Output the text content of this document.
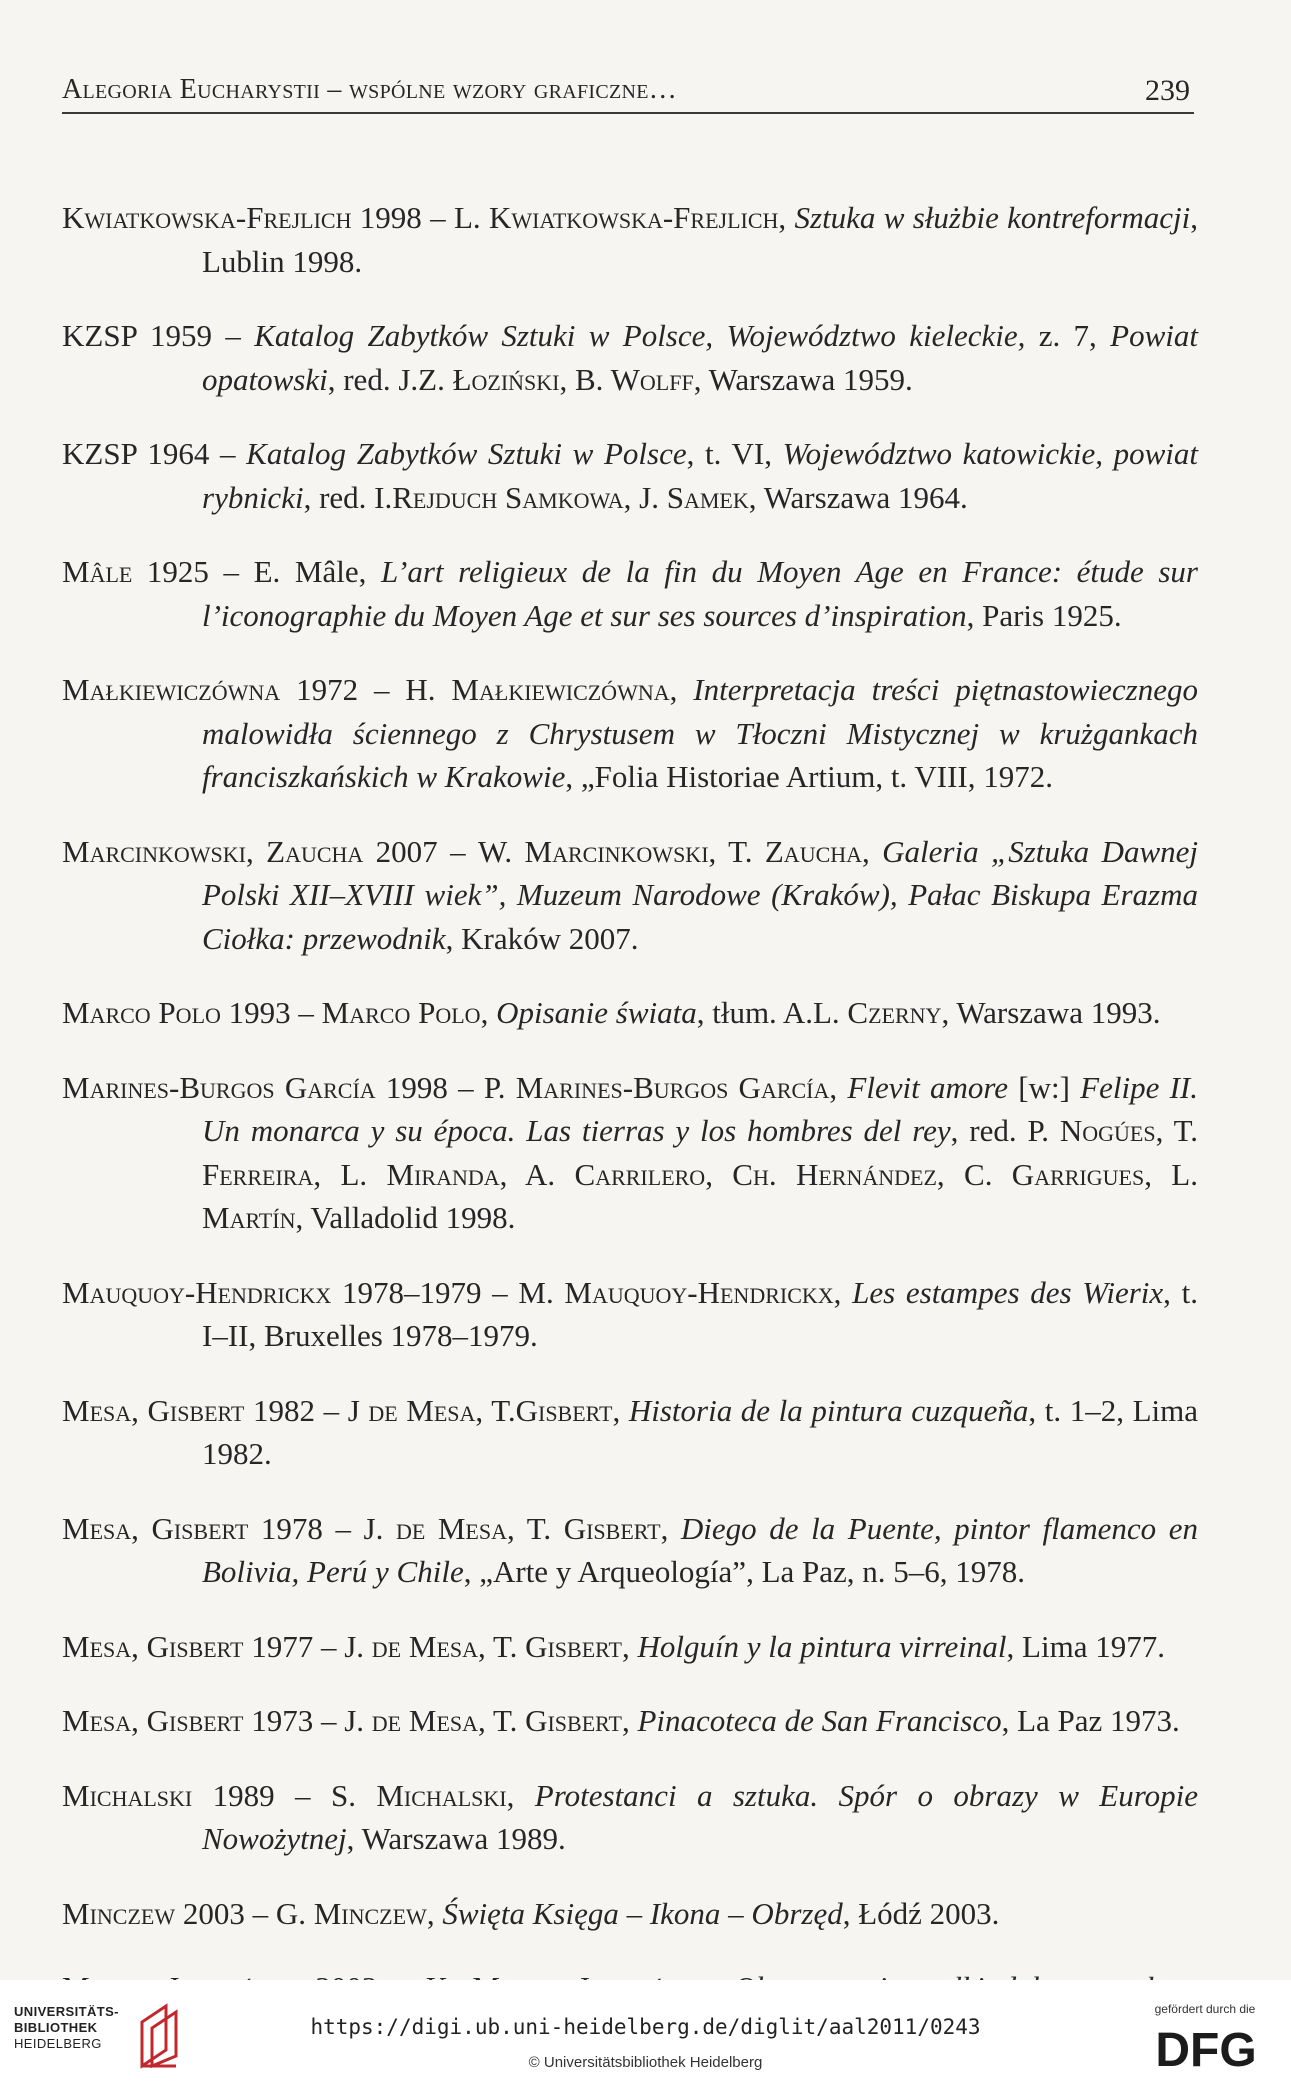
Alegoria Eucharystii – wspólne wzory graficzne…	239

Kwiatkowska-Frejlich 1998 – L. Kwiatkowska-Frejlich, Sztuka w służbie kontreformacji, Lublin 1998.

KZSP 1959 – Katalog Zabytków Sztuki w Polsce, Województwo kieleckie, z. 7, Powiat opatowski, red. J.Z. Łoziński, B. Wolff, Warszawa 1959.

KZSP 1964 – Katalog Zabytków Sztuki w Polsce, t. VI, Województwo katowickie, powiat rybnicki, red. I.Rejduch Samkowa, J. Samek, Warszawa 1964.

Mâle 1925 – E. Mâle, L’art religieux de la fin du Moyen Age en France: étude sur l’iconographie du Moyen Age et sur ses sources d’inspiration, Paris 1925.

Małkiewiczówna 1972 – H. Małkiewiczówna, Interpretacja treści piętnastowiecznego malowidła ściennego z Chrystusem w Tłoczni Mistycznej w krużgankach franciszkańskich w Krakowie, „Folia Historiae Artium, t. VIII, 1972.

Marcinkowski, Zaucha 2007 – W. Marcinkowski, T. Zaucha, Galeria „Sztuka Dawnej Polski XII–XVIII wiek”, Muzeum Narodowe (Kraków), Pałac Biskupa Erazma Ciołka: przewodnik, Kraków 2007.

Marco Polo 1993 – Marco Polo, Opisanie świata, tłum. A.L. Czerny, Warszawa 1993.

Marines-Burgos García 1998 – P. Marines-Burgos García, Flevit amore [w:] Felipe II. Un monarca y su época. Las tierras y los hombres del rey, red. P. Nogúes, T. Ferreira, L. Miranda, A. Carrilero, Ch. Hernández, C. Garrigues, L. Martín, Valladolid 1998.

Mauquoy-Hendrickx 1978–1979 – M. Mauquoy-Hendrickx, Les estampes des Wierix, t. I–II, Bruxelles 1978–1979.

Mesa, Gisbert 1982 – J de Mesa, T.Gisbert, Historia de la pintura cuzqueña, t. 1–2, Lima 1982.

Mesa, Gisbert 1978 – J. de Mesa, T. Gisbert, Diego de la Puente, pintor flamenco en Bolivia, Perú y Chile, „Arte y Arqueología”, La Paz, n. 5–6, 1978.

Mesa, Gisbert 1977 – J. de Mesa, T. Gisbert, Holguín y la pintura virreinal, Lima 1977.

Mesa, Gisbert 1973 – J. de Mesa, T. Gisbert, Pinacoteca de San Francisco, La Paz 1973.

Michalski 1989 – S. Michalski, Protestanci a sztuka. Spór o obrazy w Europie Nowożytnej, Warszawa 1989.

Minczew 2003 – G. Minczew, Święta Księga – Ikona – Obrzęd, Łódź 2003.

UNIVERSITÄTS-
BIBLIOTHEK
HEIDELBERG
https://digi.ub.uni-heidelberg.de/diglit/aal2011/0243
© Universitätsbibliothek Heidelberg
gefördert durch die
DFG
